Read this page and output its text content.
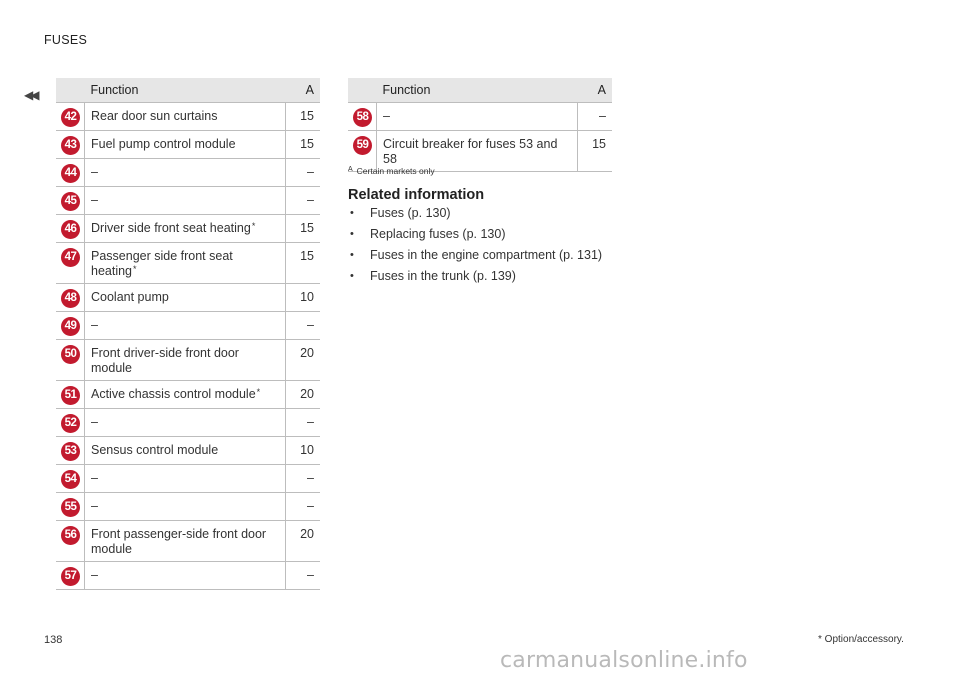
FUSES
◀◀
		Function	A
42	Rear door sun curtains	15
43	Fuel pump control module	15
44	–	–
45	–	–
46	Driver side front seat heating*	15
47	Passenger side front seat heating*	15
48	Coolant pump	10
49	–	–
50	Front driver-side front door module	20
51	Active chassis control module*	20
52	–	–
53	Sensus control module	10
54	–	–
55	–	–
56	Front passenger-side front door module	20
57	–	–
	Function	A
58	–	–
59	Circuit breaker for fuses 53 and 58	15
$^A$ Certain markets only
Related information
• Fuses (p. 130)
• Replacing fuses (p. 130)
• Fuses in the engine compartment (p. 131)
• Fuses in the trunk (p. 139)
138	* Option/accessory.
carmanualsonline.info
